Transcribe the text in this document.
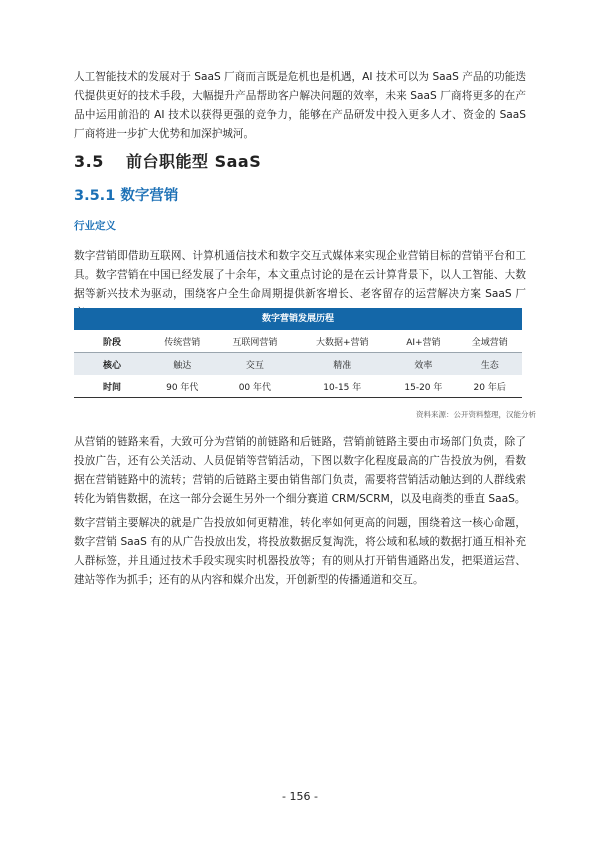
人工智能技术的发展对于 SaaS 厂商而言既是危机也是机遇，AI 技术可以为 SaaS 产品的功能迭代提供更好的技术手段，大幅提升产品帮助客户解决问题的效率，未来 SaaS 厂商将更多的在产品中运用前沿的 AI 技术以获得更强的竞争力，能够在产品研发中投入更多人才、资金的 SaaS 厂商将进一步扩大优势和加深护城河。

3.5 前台职能型 SaaS
3.5.1 数字营销
行业定义

数字营销即借助互联网、计算机通信技术和数字交互式媒体来实现企业营销目标的营销平台和工具。数字营销在中国已经发展了十余年，本文重点讨论的是在云计算背景下，以人工智能、大数据等新兴技术为驱动，围绕客户全生命周期提供新客增长、老客留存的运营解决方案 SaaS 厂

数字营销发展历程
阶段	传统营销	互联网营销	大数据+营销	AI+营销	全域营销
核心	触达	交互	精准	效率	生态
时间	90 年代	00 年代	10-15 年	15-20 年	20 年后

资料来源：公开资料整理，汉能分析

从营销的链路来看，大致可分为营销的前链路和后链路，营销前链路主要由市场部门负责，除了投放广告，还有公关活动、人员促销等营销活动，下图以数字化程度最高的广告投放为例，看数据在营销链路中的流转；营销的后链路主要由销售部门负责，需要将营销活动触达到的人群线索转化为销售数据，在这一部分会诞生另外一个细分赛道 CRM/SCRM，以及电商类的垂直 SaaS。

数字营销主要解决的就是广告投放如何更精准，转化率如何更高的问题，围绕着这一核心命题，数字营销 SaaS 有的从广告投放出发，将投放数据反复淘洗，将公域和私域的数据打通互相补充人群标签，并且通过技术手段实现实时机器投放等；有的则从打开销售通路出发，把渠道运营、建站等作为抓手；还有的从内容和媒介出发，开创新型的传播通道和交互。

- 156 -
